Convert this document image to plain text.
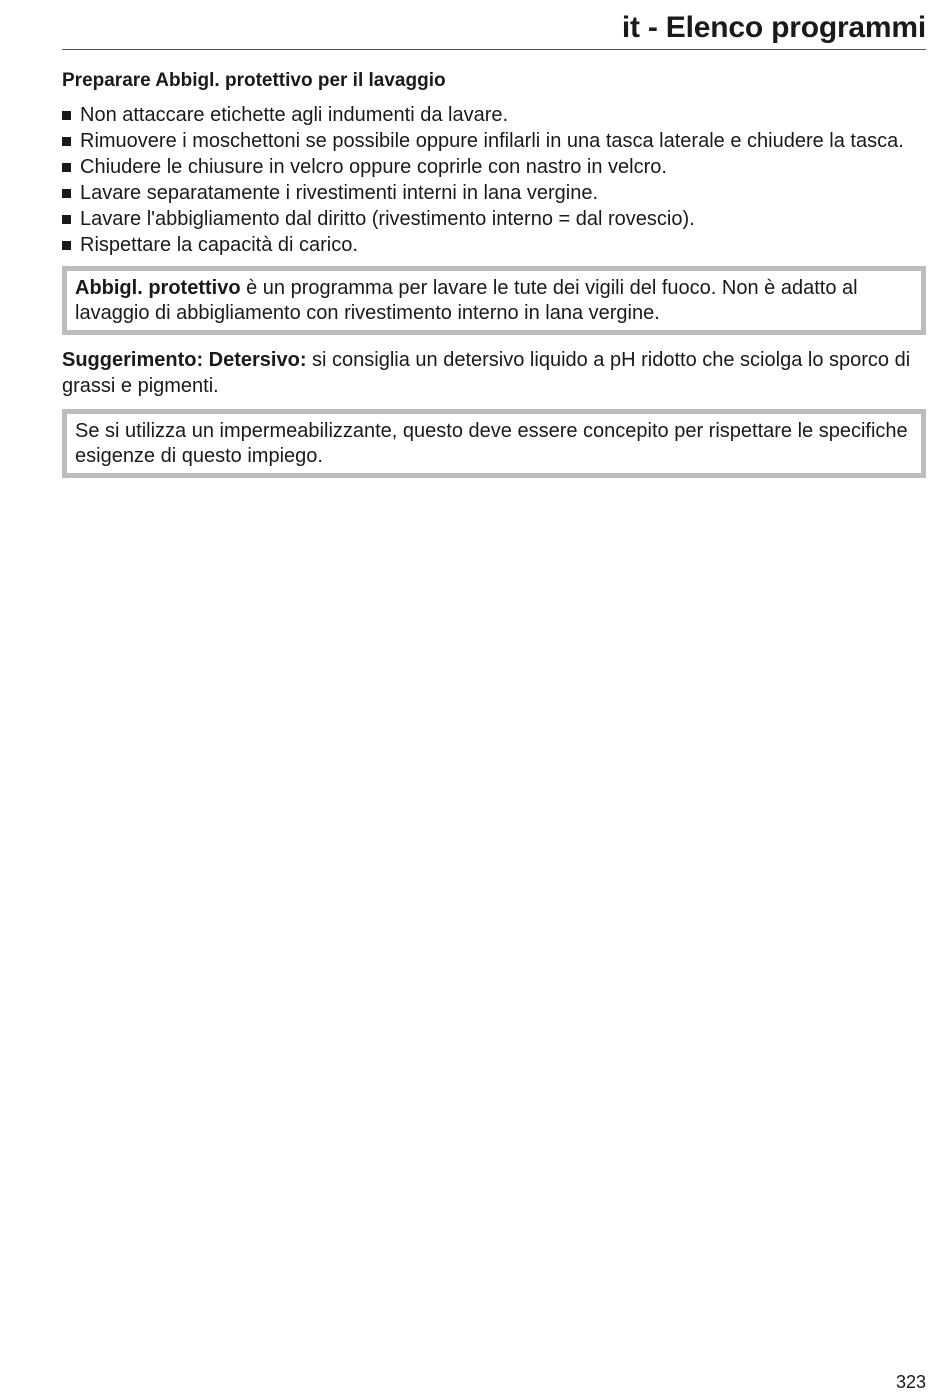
it - Elenco programmi
Preparare Abbigl. protettivo per il lavaggio
Non attaccare etichette agli indumenti da lavare.
Rimuovere i moschettoni se possibile oppure infilarli in una tasca laterale e chiudere la tasca.
Chiudere le chiusure in velcro oppure coprirle con nastro in velcro.
Lavare separatamente i rivestimenti interni in lana vergine.
Lavare l'abbigliamento dal diritto (rivestimento interno = dal rovescio).
Rispettare la capacità di carico.
Abbigl. protettivo è un programma per lavare le tute dei vigili del fuoco. Non è adatto al lavaggio di abbigliamento con rivestimento interno in lana vergine.
Suggerimento: Detersivo: si consiglia un detersivo liquido a pH ridotto che sciolga lo sporco di grassi e pigmenti.
Se si utilizza un impermeabilizzante, questo deve essere concepito per rispettare le specifiche esigenze di questo impiego.
323
